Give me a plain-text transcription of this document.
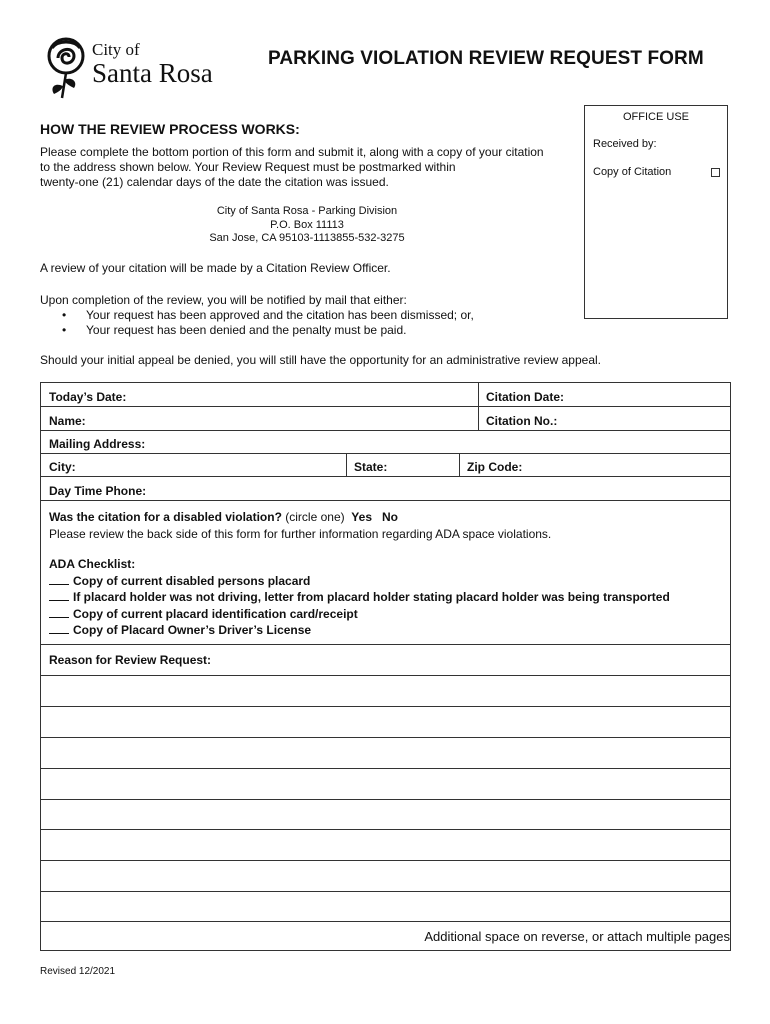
City of
Santa Rosa	PARKING VIOLATION REVIEW REQUEST FORM
OFFICE USE
Received by:
Copy of Citation
HOW THE REVIEW PROCESS WORKS:
Please complete the bottom portion of this form and submit it, along with a copy of your citation
to the address shown below. Your Review Request must be postmarked within
twenty-one (21) calendar days of the date the citation was issued.
City of Santa Rosa - Parking Division
P.O. Box 11113
San Jose, CA 95103-1113855-532-3275
A review of your citation will be made by a Citation Review Officer.
Upon completion of the review, you will be notified by mail that either:
• Your request has been approved and the citation has been dismissed; or,
• Your request has been denied and the penalty must be paid.
Should your initial appeal be denied, you will still have the opportunity for an administrative review appeal.
Today’s Date:	Citation Date:
Name:	Citation No.:
Mailing Address:
City:	State:	Zip Code:
Day Time Phone:
Was the citation for a disabled violation? (circle one) Yes No
Please review the back side of this form for further information regarding ADA space violations.
ADA Checklist:
Copy of current disabled persons placard
If placard holder was not driving, letter from placard holder stating placard holder was being transported
Copy of current placard identification card/receipt
Copy of Placard Owner’s Driver’s License
Reason for Review Request:
Additional space on reverse, or attach multiple pages
Revised 12/2021
